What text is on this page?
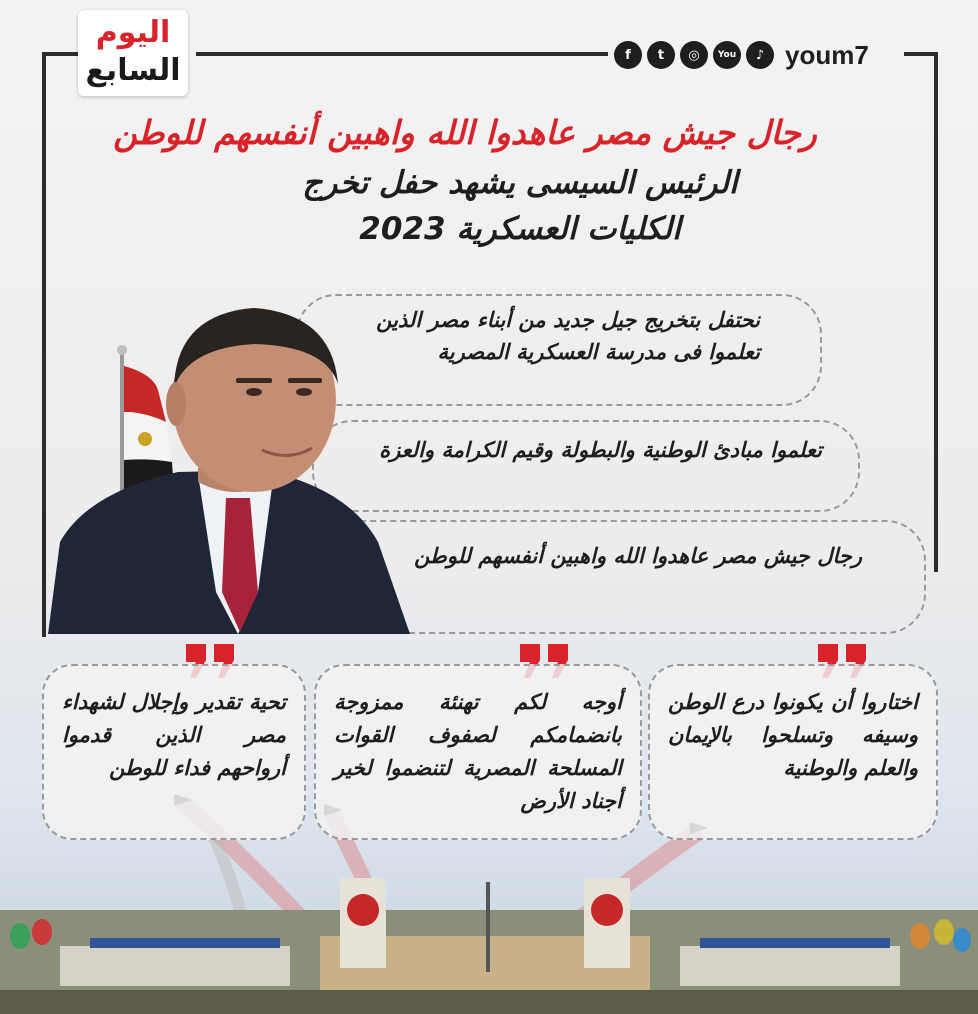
اليوم
السابع	f	t	◎	You	♪ youm7
رجال جيش مصر عاهدوا الله واهبين أنفسهم للوطن
الرئيس السيسى يشهد حفل تخرج
الكليات العسكرية 2023
نحتفل بتخريج جيل جديد من أبناء مصر الذين تعلموا فى مدرسة العسكرية المصرية
تعلموا مبادئ الوطنية والبطولة وقيم الكرامة والعزة
رجال جيش مصر عاهدوا الله واهبين أنفسهم للوطن
اختاروا أن يكونوا درع الوطن وسيفه وتسلحوا بالإيمان والعلم والوطنية
أوجه لكم تهنئة ممزوجة بانضمامكم لصفوف القوات المسلحة المصرية لتنضموا لخير أجناد الأرض
تحية تقدير وإجلال لشهداء مصر الذين قدموا أرواحهم فداء للوطن
